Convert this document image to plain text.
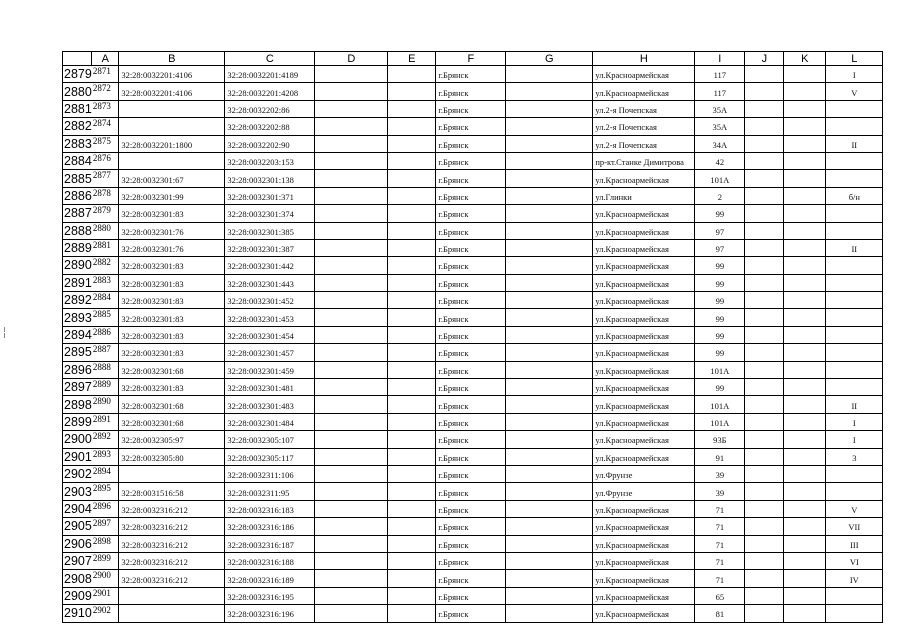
	A	B	C	D	E	F	G	H	I	J	K	L
2879	2871	32:28:0032201:4106	32:28:0032201:4189			г.Брянск		ул.Красноармейская	117			I
2880	2872	32:28:0032201:4106	32:28:0032201:4208			г.Брянск		ул.Красноармейская	117			V
2881	2873		32:28:0032202:86			г.Брянск		ул.2-я Почепская	35А			
2882	2874		32:28:0032202:88			г.Брянск		ул.2-я Почепская	35А			
2883	2875	32:28:0032201:1800	32:28:0032202:90			г.Брянск		ул.2-я Почепская	34А			II
2884	2876		32:28:0032203:153			г.Брянск		пр-кт.Станке Димитрова	42			
2885	2877	32:28:0032301:67	32:28:0032301:138			г.Брянск		ул.Красноармейская	101А			
2886	2878	32:28:0032301:99	32:28:0032301:371			г.Брянск		ул.Глинки	2			б/н
2887	2879	32:28:0032301:83	32:28:0032301:374			г.Брянск		ул.Красноармейская	99			
2888	2880	32:28:0032301:76	32:28:0032301:385			г.Брянск		ул.Красноармейская	97			
2889	2881	32:28:0032301:76	32:28:0032301:387			г.Брянск		ул.Красноармейская	97			II
2890	2882	32:28:0032301:83	32:28:0032301:442			г.Брянск		ул.Красноармейская	99			
2891	2883	32:28:0032301:83	32:28:0032301:443			г.Брянск		ул.Красноармейская	99			
2892	2884	32:28:0032301:83	32:28:0032301:452			г.Брянск		ул.Красноармейская	99			
2893	2885	32:28:0032301:83	32:28:0032301:453			г.Брянск		ул.Красноармейская	99			
2894	2886	32:28:0032301:83	32:28:0032301:454			г.Брянск		ул.Красноармейская	99			
2895	2887	32:28:0032301:83	32:28:0032301:457			г.Брянск		ул.Красноармейская	99			
2896	2888	32:28:0032301:68	32:28:0032301:459			г.Брянск		ул.Красноармейская	101А			
2897	2889	32:28:0032301:83	32:28:0032301:481			г.Брянск		ул.Красноармейская	99			
2898	2890	32:28:0032301:68	32:28:0032301:483			г.Брянск		ул.Красноармейская	101А			II
2899	2891	32:28:0032301:68	32:28:0032301:484			г.Брянск		ул.Красноармейская	101А			I
2900	2892	32:28:0032305:97	32:28:0032305:107			г.Брянск		ул.Красноармейская	93Б			I
2901	2893	32:28:0032305:80	32:28:0032305:117			г.Брянск		ул.Красноармейская	91			3
2902	2894		32:28:0032311:106			г.Брянск		ул.Фрунзе	39			
2903	2895	32:28:0031516:58	32:28:0032311:95			г.Брянск		ул.Фрунзе	39			
2904	2896	32:28:0032316:212	32:28:0032316:183			г.Брянск		ул.Красноармейская	71			V
2905	2897	32:28:0032316:212	32:28:0032316:186			г.Брянск		ул.Красноармейская	71			VII
2906	2898	32:28:0032316:212	32:28:0032316:187			г.Брянск		ул.Красноармейская	71			III
2907	2899	32:28:0032316:212	32:28:0032316:188			г.Брянск		ул.Красноармейская	71			VI
2908	2900	32:28:0032316:212	32:28:0032316:189			г.Брянск		ул.Красноармейская	71			IV
2909	2901		32:28:0032316:195			г.Брянск		ул.Красноармейская	65			
2910	2902		32:28:0032316:196			г.Брянск		ул.Красноармейская	81			
